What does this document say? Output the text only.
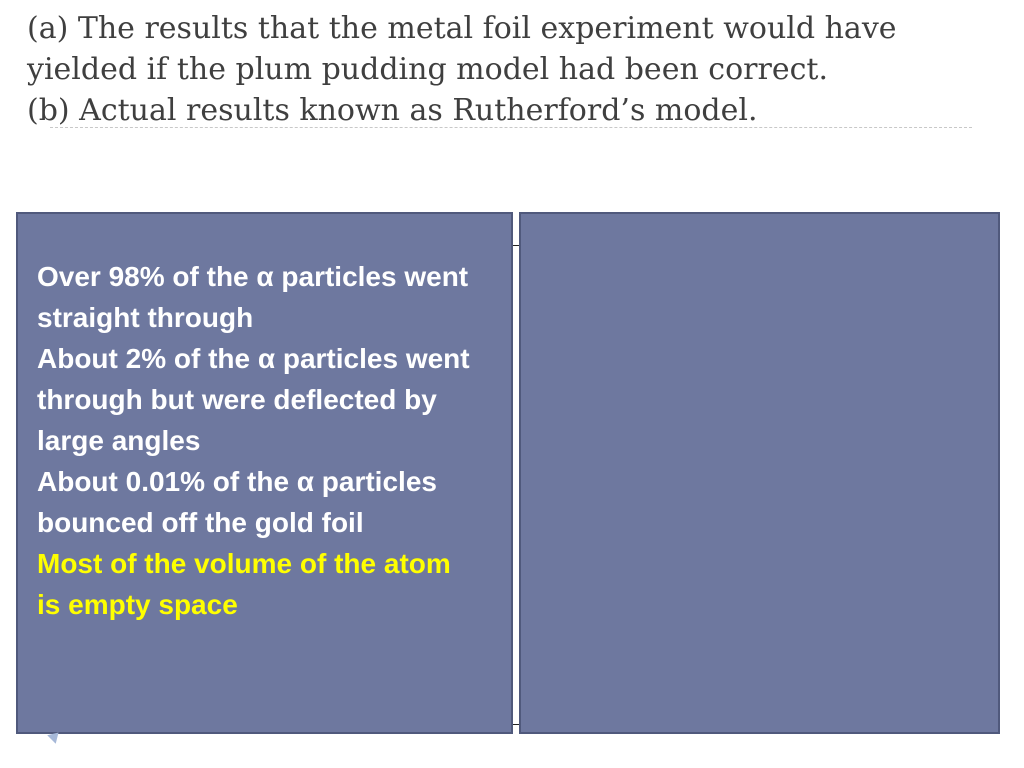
(a) The results that the metal foil experiment would have
yielded if the plum pudding model had been correct.
(b) Actual results known as Rutherford’s model.

Over 98% of the α particles went straight through

About 2% of the α particles went through but were deflected by large angles

About 0.01% of the α particles bounced off the gold foil

Most of the volume of the atom is empty space
